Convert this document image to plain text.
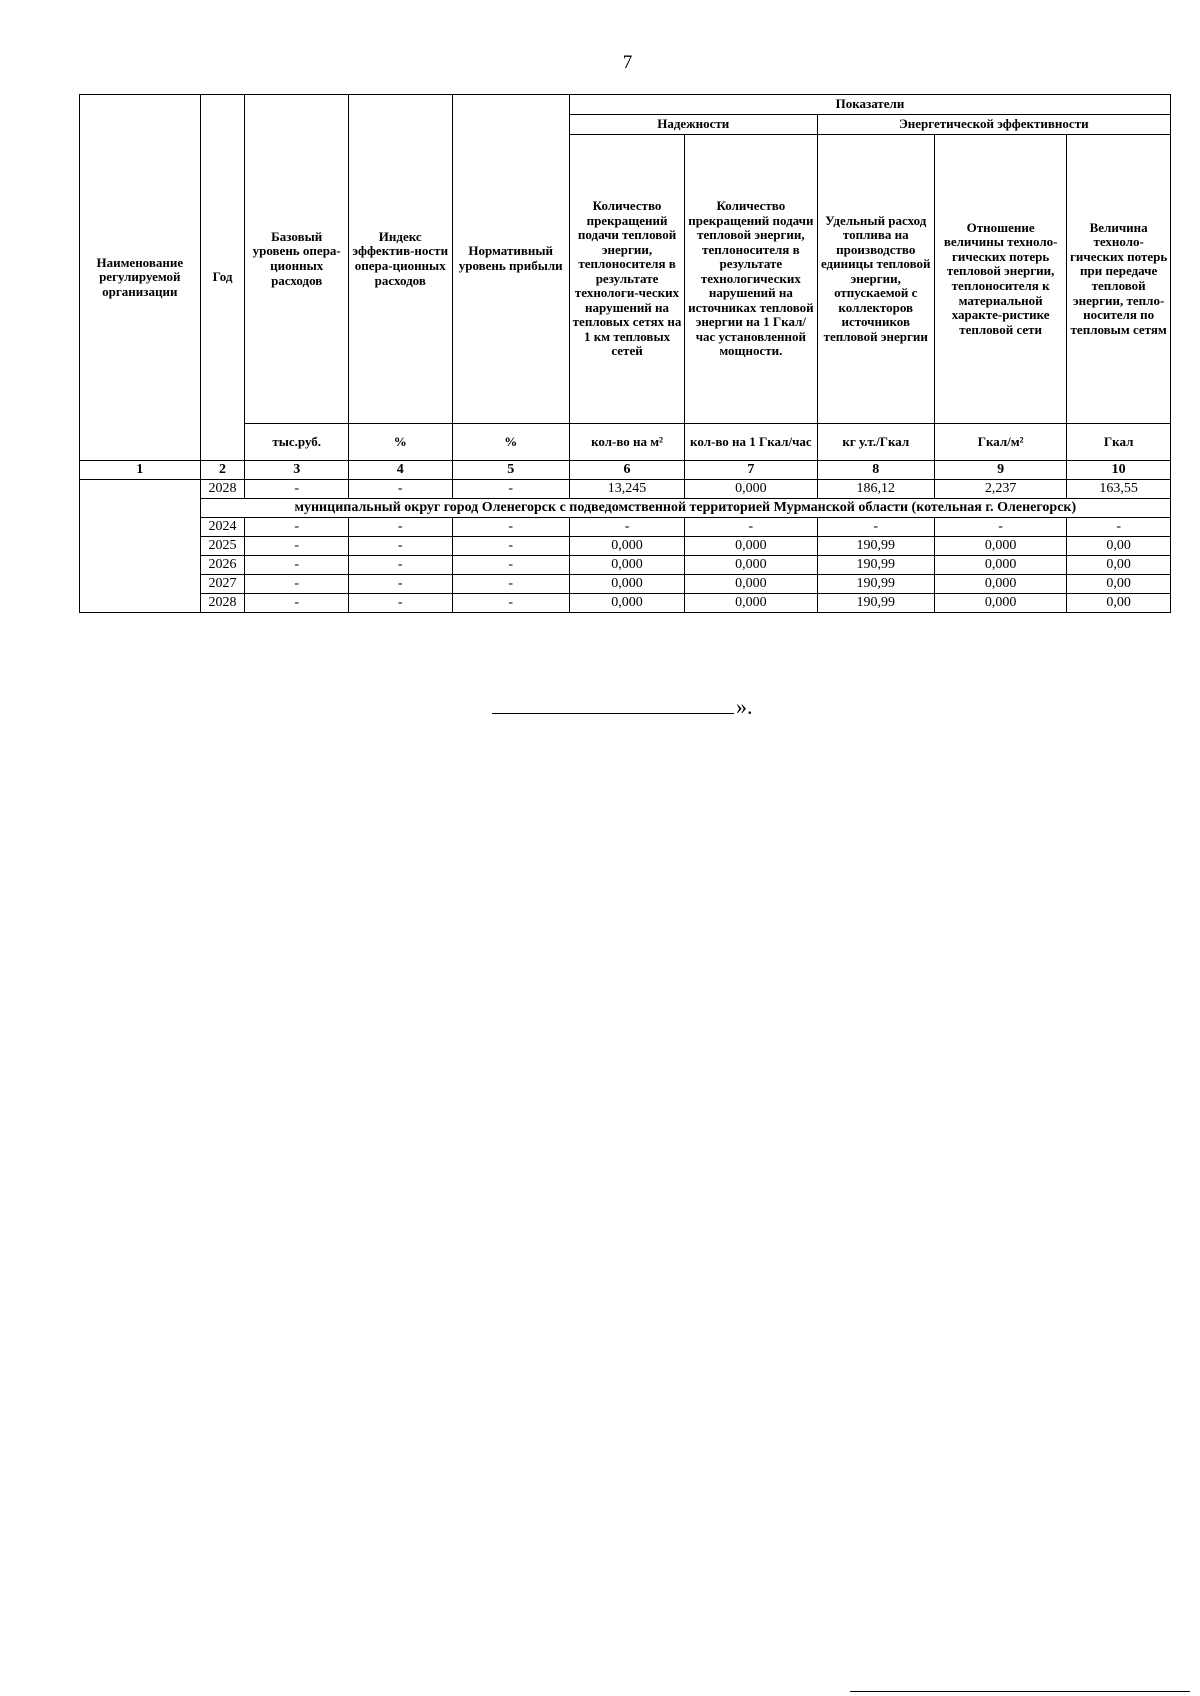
7
Наименование регулируемой организации	Год	Базовый уровень опера-ционных расходов	Индекс эффектив-ности опера-ционных расходов	Нормативный уровень прибыли	Показатели				
					Надежности		Энергетической эффективности		
					Количество прекращений подачи тепловой энергии, теплоносителя в результате технологи-ческих нарушений на тепловых сетях на 1 км тепловых сетей	Количество прекращений подачи тепловой энергии, теплоносителя в результате технологических нарушений на источниках тепловой энергии на 1 Гкал/час установленной мощности.	Удельный расход топлива на производство единицы тепловой энергии, отпускаемой с коллекторов источников тепловой энергии	Отношение величины техноло-гических потерь тепловой энергии, теплоносителя к материальной характе-ристике тепловой сети	Величина техноло-гических потерь при передаче тепловой энергии, тепло-носителя по тепловым сетям
		тыс.руб.	%	%	кол-во на м²	кол-во на 1 Гкал/час	кг у.т./Гкал	Гкал/м²	Гкал
1	2	3	4	5	6	7	8	9	10
	2028	-	-	-	13,245	0,000	186,12	2,237	163,55
	муниципальный округ город Оленегорск с подведомственной территорией Мурманской области (котельная г. Оленегорск)								
	2024	-	-	-	-	-	-	-	-
	2025	-	-	-	0,000	0,000	190,99	0,000	0,00
	2026	-	-	-	0,000	0,000	190,99	0,000	0,00
	2027	-	-	-	0,000	0,000	190,99	0,000	0,00
	2028	-	-	-	0,000	0,000	190,99	0,000	0,00
».
